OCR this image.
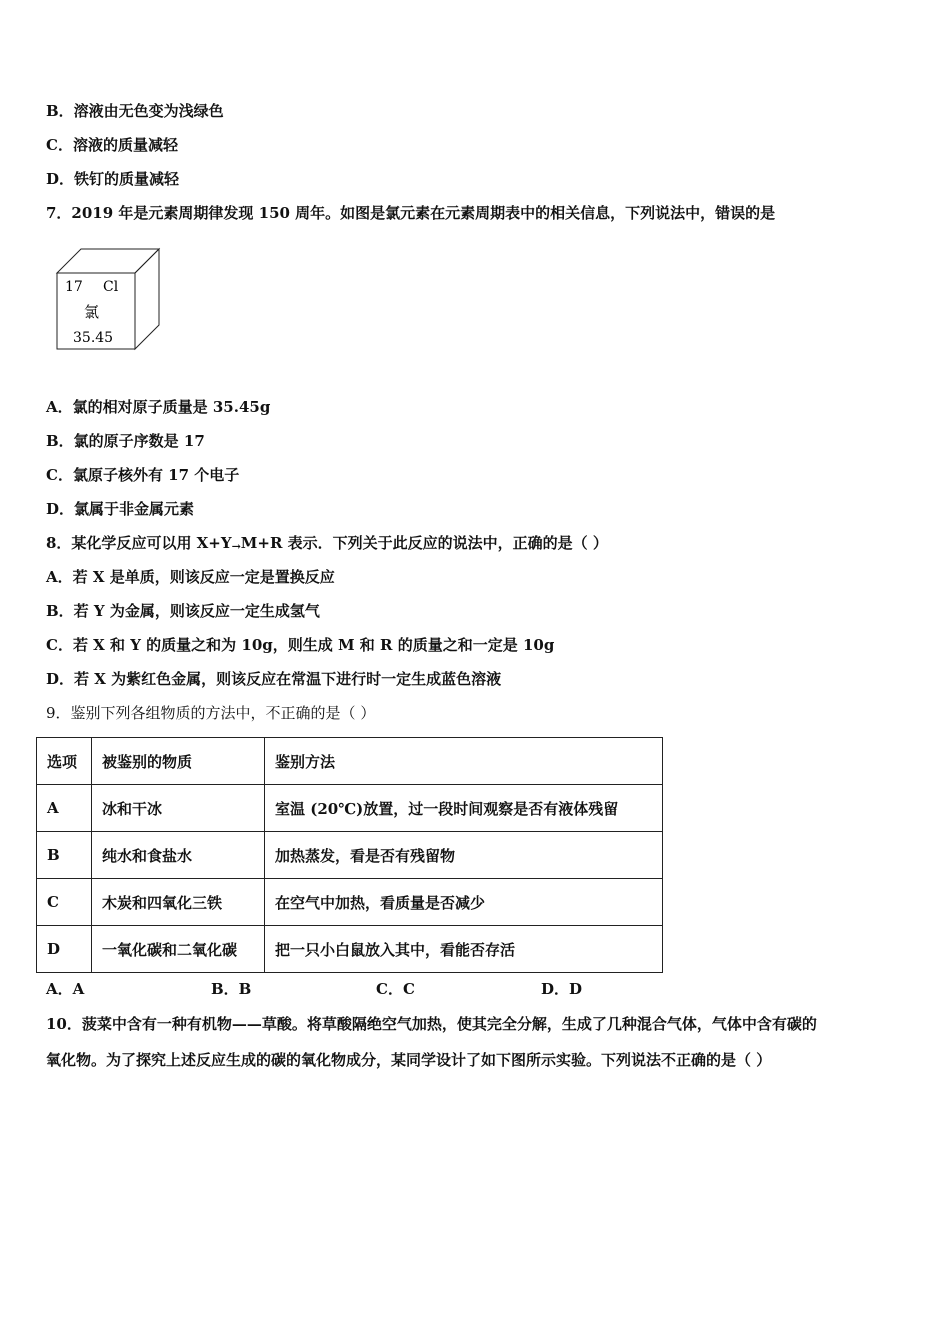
B．溶液由无色变为浅绿色
C．溶液的质量减轻
D．铁钉的质量减轻
7．2019 年是元素周期律发现 150 周年。如图是氯元素在元素周期表中的相关信息，下列说法中，错误的是
17 Cl
氯
35.45
A．氯的相对原子质量是 35.45g
B．氯的原子序数是 17
C．氯原子核外有 17 个电子
D．氯属于非金属元素
8．某化学反应可以用 X+Y→M+R 表示．下列关于此反应的说法中，正确的是（ ）
A．若 X 是单质，则该反应一定是置换反应
B．若 Y 为金属，则该反应一定生成氢气
C．若 X 和 Y 的质量之和为 10g，则生成 M 和 R 的质量之和一定是 10g
D．若 X 为紫红色金属，则该反应在常温下进行时一定生成蓝色溶液
9．鉴别下列各组物质的方法中，不正确的是（ ）
选项	被鉴别的物质	鉴别方法
A	冰和干冰	室温 (20℃)放置，过一段时间观察是否有液体残留
B	纯水和食盐水	加热蒸发，看是否有残留物
C	木炭和四氧化三铁	在空气中加热，看质量是否减少
D	一氧化碳和二氧化碳	把一只小白鼠放入其中，看能否存活
A．A	B．B	C．C	D．D
10．菠菜中含有一种有机物——草酸。将草酸隔绝空气加热，使其完全分解，生成了几种混合气体，气体中含有碳的
氧化物。为了探究上述反应生成的碳的氧化物成分，某同学设计了如下图所示实验。下列说法不正确的是（ ）
